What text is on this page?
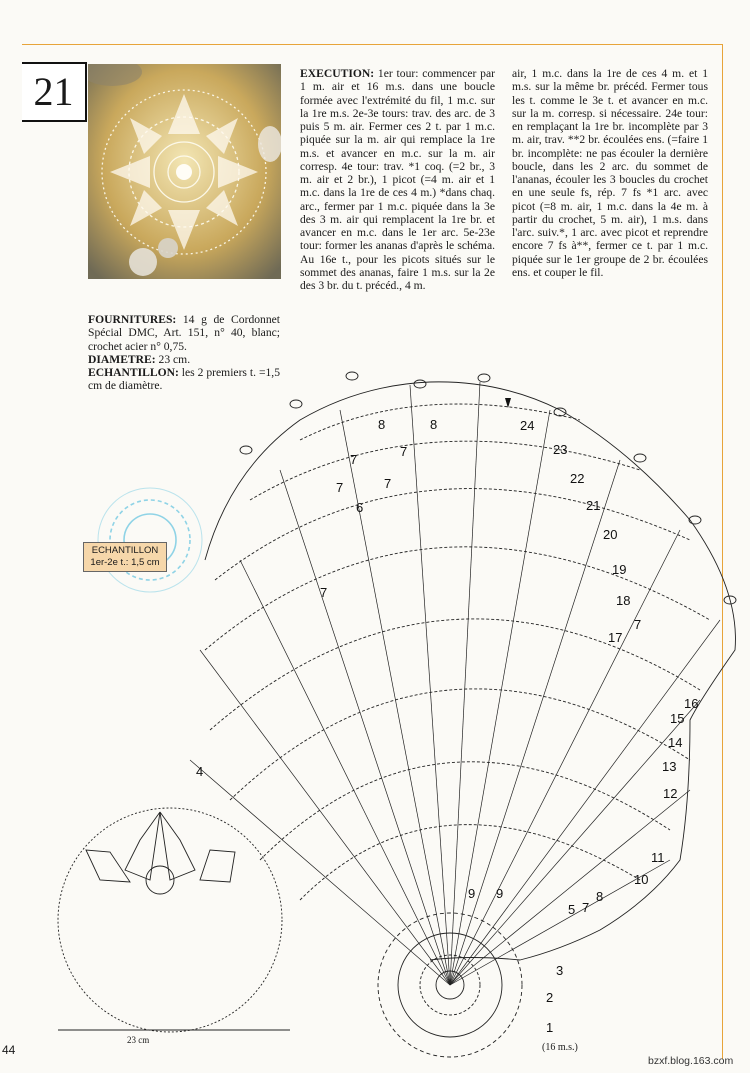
21	EXECUTION: 1er tour: commencer par 1 m. air et 16 m.s. dans une boucle formée avec l'extrémité du fil, 1 m.c. sur la 1re m.s. 2e-3e tours: trav. des arc. de 3 puis 5 m. air. Fermer ces 2 t. par 1 m.c. piquée sur la m. air qui remplace la 1re m.s. et avancer en m.c. sur la m. air corresp. 4e tour: trav. *1 coq. (=2 br., 3 m. air et 2 br.), 1 picot (=4 m. air et 1 m.c. dans la 1re de ces 4 m.) *dans chaq. arc., fermer par 1 m.c. piquée dans la 3e des 3 m. air qui remplacent la 1re br. et avancer en m.c. dans le 1er arc. 5e-23e tour: former les ananas d'après le schéma. Au 16e t., pour les picots situés sur le sommet des ananas, faire 1 m.s. sur la 2e des 3 br. du t. précéd., 4 m.
air, 1 m.c. dans la 1re de ces 4 m. et 1 m.s. sur la même br. précéd. Fermer tous les t. comme le 3e t. et avancer en m.c. sur la m. corresp. si nécessaire. 24e tour: en remplaçant la 1re br. incomplète par 3 m. air, trav. **2 br. écoulées ens. (=faire 1 br. incomplète: ne pas écouler la dernière boucle, dans les 2 arc. du sommet de l'ananas, écouler les 3 boucles du crochet en une seule fs, rép. 7 fs *1 arc. avec picot (=8 m. air, 1 m.c. dans la 4e m. à partir du crochet, 5 m. air), 1 m.s. dans l'arc. suiv.*, 1 arc. avec picot et reprendre encore 7 fs à**, fermer ce t. par 1 m.c. piquée sur le 1er groupe de 2 br. écoulées ens. et couper le fil.
FOURNITURES: 14 g de Cordonnet Spécial DMC, Art. 151, n° 40, blanc; crochet acier n° 0,75.
DIAMETRE: 23 cm.
ECHANTILLON: les 2 premiers t. =1,5 cm de diamètre.
1
2
3
4
5
6
7
7
7
7	7
7
7
8	8
8
9 9
10
11
12
13
14
15
16
17
18
19
20
21
22
23
24
ECHANTILLON
1er-2e t.: 1,5 cm
23 cm
(16 m.s.)
44
bzxf.blog.163.com
